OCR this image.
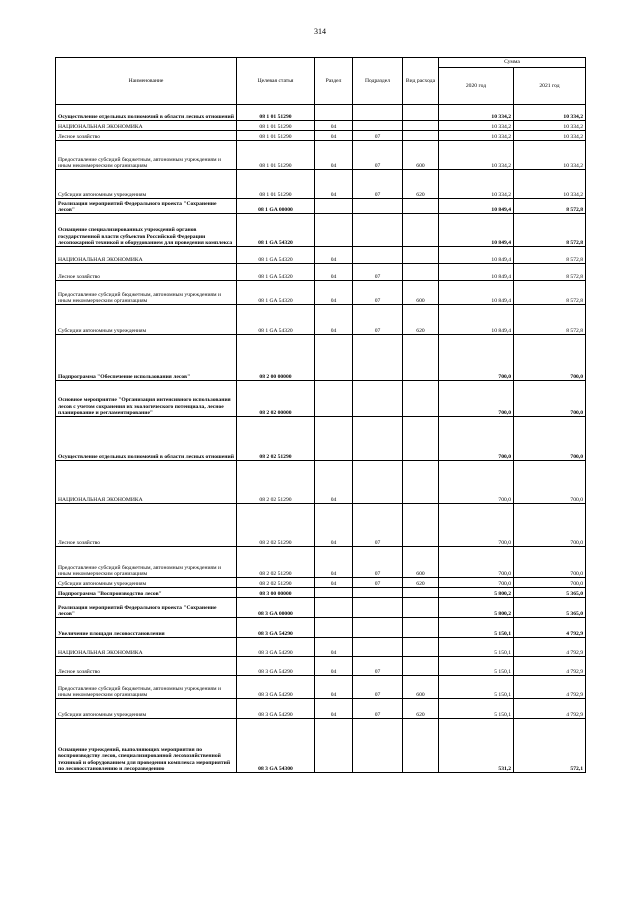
314
Наименование	Целевая статья	Раздел	Подраздел	Вид расхода	Сумма	
					2020 год	2021 год
Осуществление отдельных полномочий в области лесных отношений	08 1 01 51290				10 334,2	10 334,2
НАЦИОНАЛЬНАЯ ЭКОНОМИКА	08 1 01 51290	04			10 334,2	10 334,2
Лесное хозяйство	08 1 01 51290	04	07		10 334,2	10 334,2
Предоставление субсидий бюджетным, автономным учреждениям и иным некоммерческим организациям	08 1 01 51290	04	07	600	10 334,2	10 334,2
Субсидии автономным учреждениям	08 1 01 51290	04	07	620	10 334,2	10 334,2
Реализация мероприятий Федерального проекта "Сохранение лесов"	08 1 GA 00000				10 849,4	8 572,8
Оснащение специализированных учреждений органов государственной власти субъектов Российской Федерации лесопожарной техникой и оборудованием для проведения комплекса	08 1 GA 54320				10 849,4	8 572,8
НАЦИОНАЛЬНАЯ ЭКОНОМИКА	08 1 GA 54320	04			10 849,4	8 572,8
Лесное хозяйство	08 1 GA 54320	04	07		10 849,4	8 572,8
Предоставление субсидий бюджетным, автономным учреждениям и иным некоммерческим организациям	08 1 GA 54320	04	07	600	10 849,4	8 572,8
Субсидии автономным учреждениям	08 1 GA 54320	04	07	620	10 849,4	8 572,8
Подпрограмма "Обеспечение использования лесов"	08 2 00 00000				700,0	700,0
Основное мероприятие "Организация интенсивного использования лесов с учетом сохранения их экологического потенциала, лесное планирование и регламентирование"	08 2 02 00000				700,0	700,0
Осуществление отдельных полномочий в области лесных отношений	08 2 02 51290				700,0	700,0
НАЦИОНАЛЬНАЯ ЭКОНОМИКА	08 2 02 51290	04			700,0	700,0
Лесное хозяйство	08 2 02 51290	04	07		700,0	700,0
Предоставление субсидий бюджетным, автономным учреждениям и иным некоммерческим организациям	08 2 02 51290	04	07	600	700,0	700,0
Субсидии автономным учреждениям	08 2 02 51290	04	07	620	700,0	700,0
Подпрограмма "Воспроизводство лесов"	08 3 00 00000				5 800,2	5 365,0
Реализация мероприятий Федерального проекта "Сохранение лесов"	08 3 GA 00000				5 800,2	5 365,0
Увеличение площади лесовосстановления	08 3 GA 54290				5 150,1	4 792,9
НАЦИОНАЛЬНАЯ ЭКОНОМИКА	08 3 GA 54290	04			5 150,1	4 792,9
Лесное хозяйство	08 3 GA 54290	04	07		5 150,1	4 792,9
Предоставление субсидий бюджетным, автономным учреждениям и иным некоммерческим организациям	08 3 GA 54290	04	07	600	5 150,1	4 792,9
Субсидии автономным учреждениям	08 3 GA 54290	04	07	620	5 150,1	4 792,9
Оснащение учреждений, выполняющих мероприятия по воспроизводству лесов, специализированной лесохозяйственной техникой и оборудованием для проведения комплекса мероприятий по лесовосстановлению и лесоразведению	08 3 GA 54300				531,2	572,1
